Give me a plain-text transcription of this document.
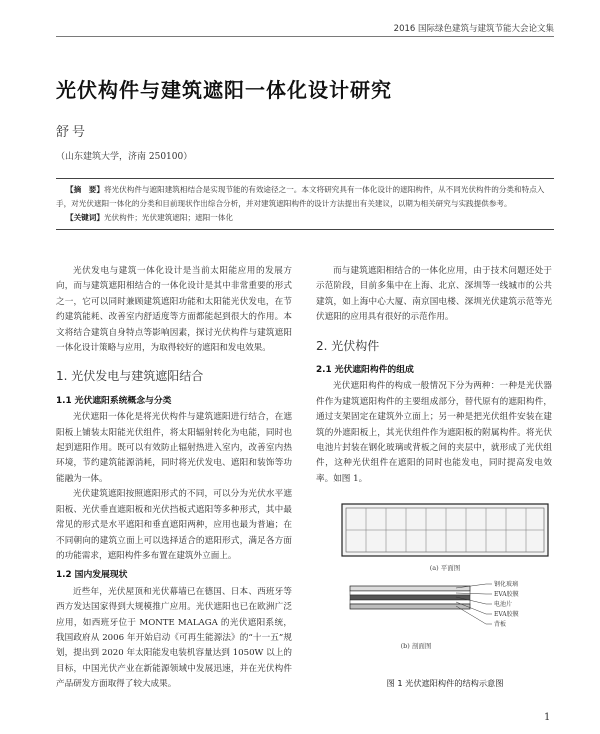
2016 国际绿色建筑与建筑节能大会论文集
光伏构件与建筑遮阳一体化设计研究
舒号
（山东建筑大学，济南 250100）

【摘　要】将光伏构件与遮阳建筑相结合是实现节能的有效途径之一。本文将研究具有一体化设计的遮阳构件，从不同光伏构件的分类和特点入手，对光伏遮阳一体化的分类和目前现状作出综合分析，并对建筑遮阳构件的设计方法提出有关建议，以期为相关研究与实践提供参考。

【关键词】光伏构件；光伏建筑遮阳；遮阳一体化

光伏发电与建筑一体化设计是当前太阳能应用的发展方向，而与建筑遮阳相结合的一体化设计是其中非常重要的形式之一，它可以同时兼顾建筑遮阳功能和太阳能光伏发电，在节约建筑能耗、改善室内舒适度等方面都能起到很大的作用。本文将结合建筑自身特点等影响因素，探讨光伏构件与建筑遮阳一体化设计策略与应用，为取得较好的遮阳和发电效果。

1. 光伏发电与建筑遮阳结合
1.1 光伏遮阳系统概念与分类

光伏遮阳一体化是将光伏构件与建筑遮阳进行结合，在遮阳板上铺装太阳能光伏组件，将太阳辐射转化为电能，同时也起到遮阳作用。既可以有效防止辐射热进入室内，改善室内热环境，节约建筑能源消耗，同时将光伏发电、遮阳和装饰等功能融为一体。

光伏建筑遮阳按照遮阳形式的不同，可以分为光伏水平遮阳板、光伏垂直遮阳板和光伏挡板式遮阳等多种形式，其中最常见的形式是水平遮阳和垂直遮阳两种，应用也最为普遍；在不同朝向的建筑立面上可以选择适合的遮阳形式，满足各方面的功能需求，遮阳构件多布置在建筑外立面上。

1.2 国内发展现状

近些年，光伏屋顶和光伏幕墙已在德国、日本、西班牙等西方发达国家得到大规模推广应用。光伏遮阳也已在欧洲广泛应用，如西班牙位于 MONTE MALAGA 的光伏遮阳系统，我国政府从 2006 年开始启动《可再生能源法》的“十一五”规划，提出到 2020 年太阳能发电装机容量达到 1050W 以上的目标，中国光伏产业在新能源领域中发展迅速，并在光伏构件产品研发方面取得了较大成果。

而与建筑遮阳相结合的一体化应用，由于技术问题还处于示范阶段，目前多集中在上海、北京、深圳等一线城市的公共建筑，如上海中心大厦、南京国电楼、深圳光伏建筑示范等光伏遮阳的应用具有很好的示范作用。

2. 光伏构件
2.1 光伏遮阳构件的组成

光伏遮阳构件的构成一般情况下分为两种：一种是光伏器件作为建筑遮阳构件的主要组成部分，替代原有的遮阳构件，通过支架固定在建筑外立面上；另一种是把光伏组件安装在建筑的外遮阳板上，其光伏组件作为遮阳板的附属构件。将光伏电池片封装在钢化玻璃或背板之间的夹层中，就形成了光伏组件，这种光伏组件在遮阳的同时也能发电，同时提高发电效率。如图 1。

(a) 平面图
钢化玻璃
EVA胶膜
电池片
EVA胶膜
背板
(b) 剖面图
图 1 光伏遮阳构件的结构示意图
1
